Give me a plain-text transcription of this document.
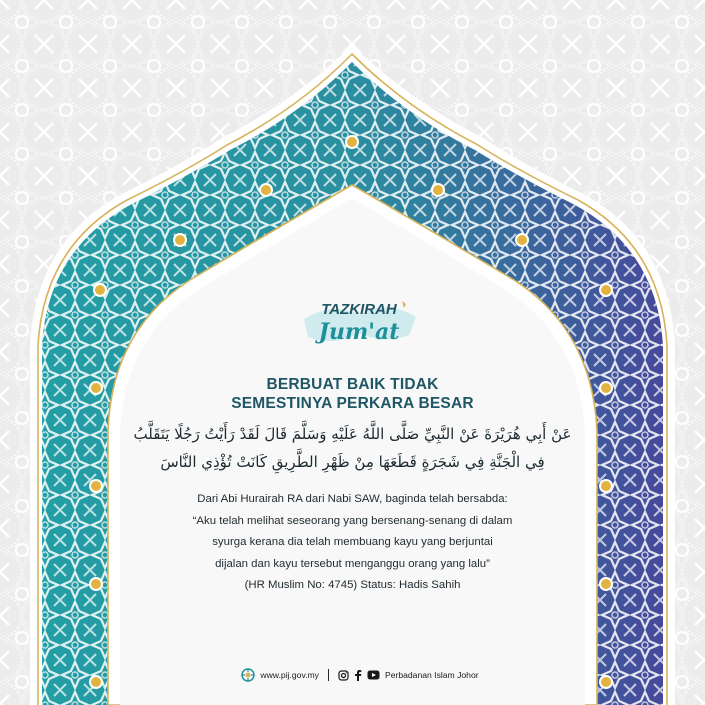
TAZKIRAH
Jum'at
BERBUAT BAIK TIDAK
SEMESTINYA PERKARA BESAR
عَنْ أَبِي هُرَيْرَةَ عَنْ النَّبِيِّ صَلَّى اللَّهُ عَلَيْهِ وَسَلَّمَ قَالَ لَقَدْ رَأَيْتُ رَجُلًا يَتَقَلَّبُ
فِي الْجَنَّةِ فِي شَجَرَةٍ قَطَعَهَا مِنْ ظَهْرِ الطَّرِيقِ كَانَتْ تُؤْذِي النَّاسَ
Dari Abi Hurairah RA dari Nabi SAW, baginda telah bersabda:
“Aku telah melihat seseorang yang bersenang-senang di dalam
syurga kerana dia telah membuang kayu yang berjuntai
dijalan dan kayu tersebut menganggu orang yang lalu”
(HR Muslim No: 4745) Status: Hadis Sahih
www.pij.gov.my	Perbadanan Islam Johor
